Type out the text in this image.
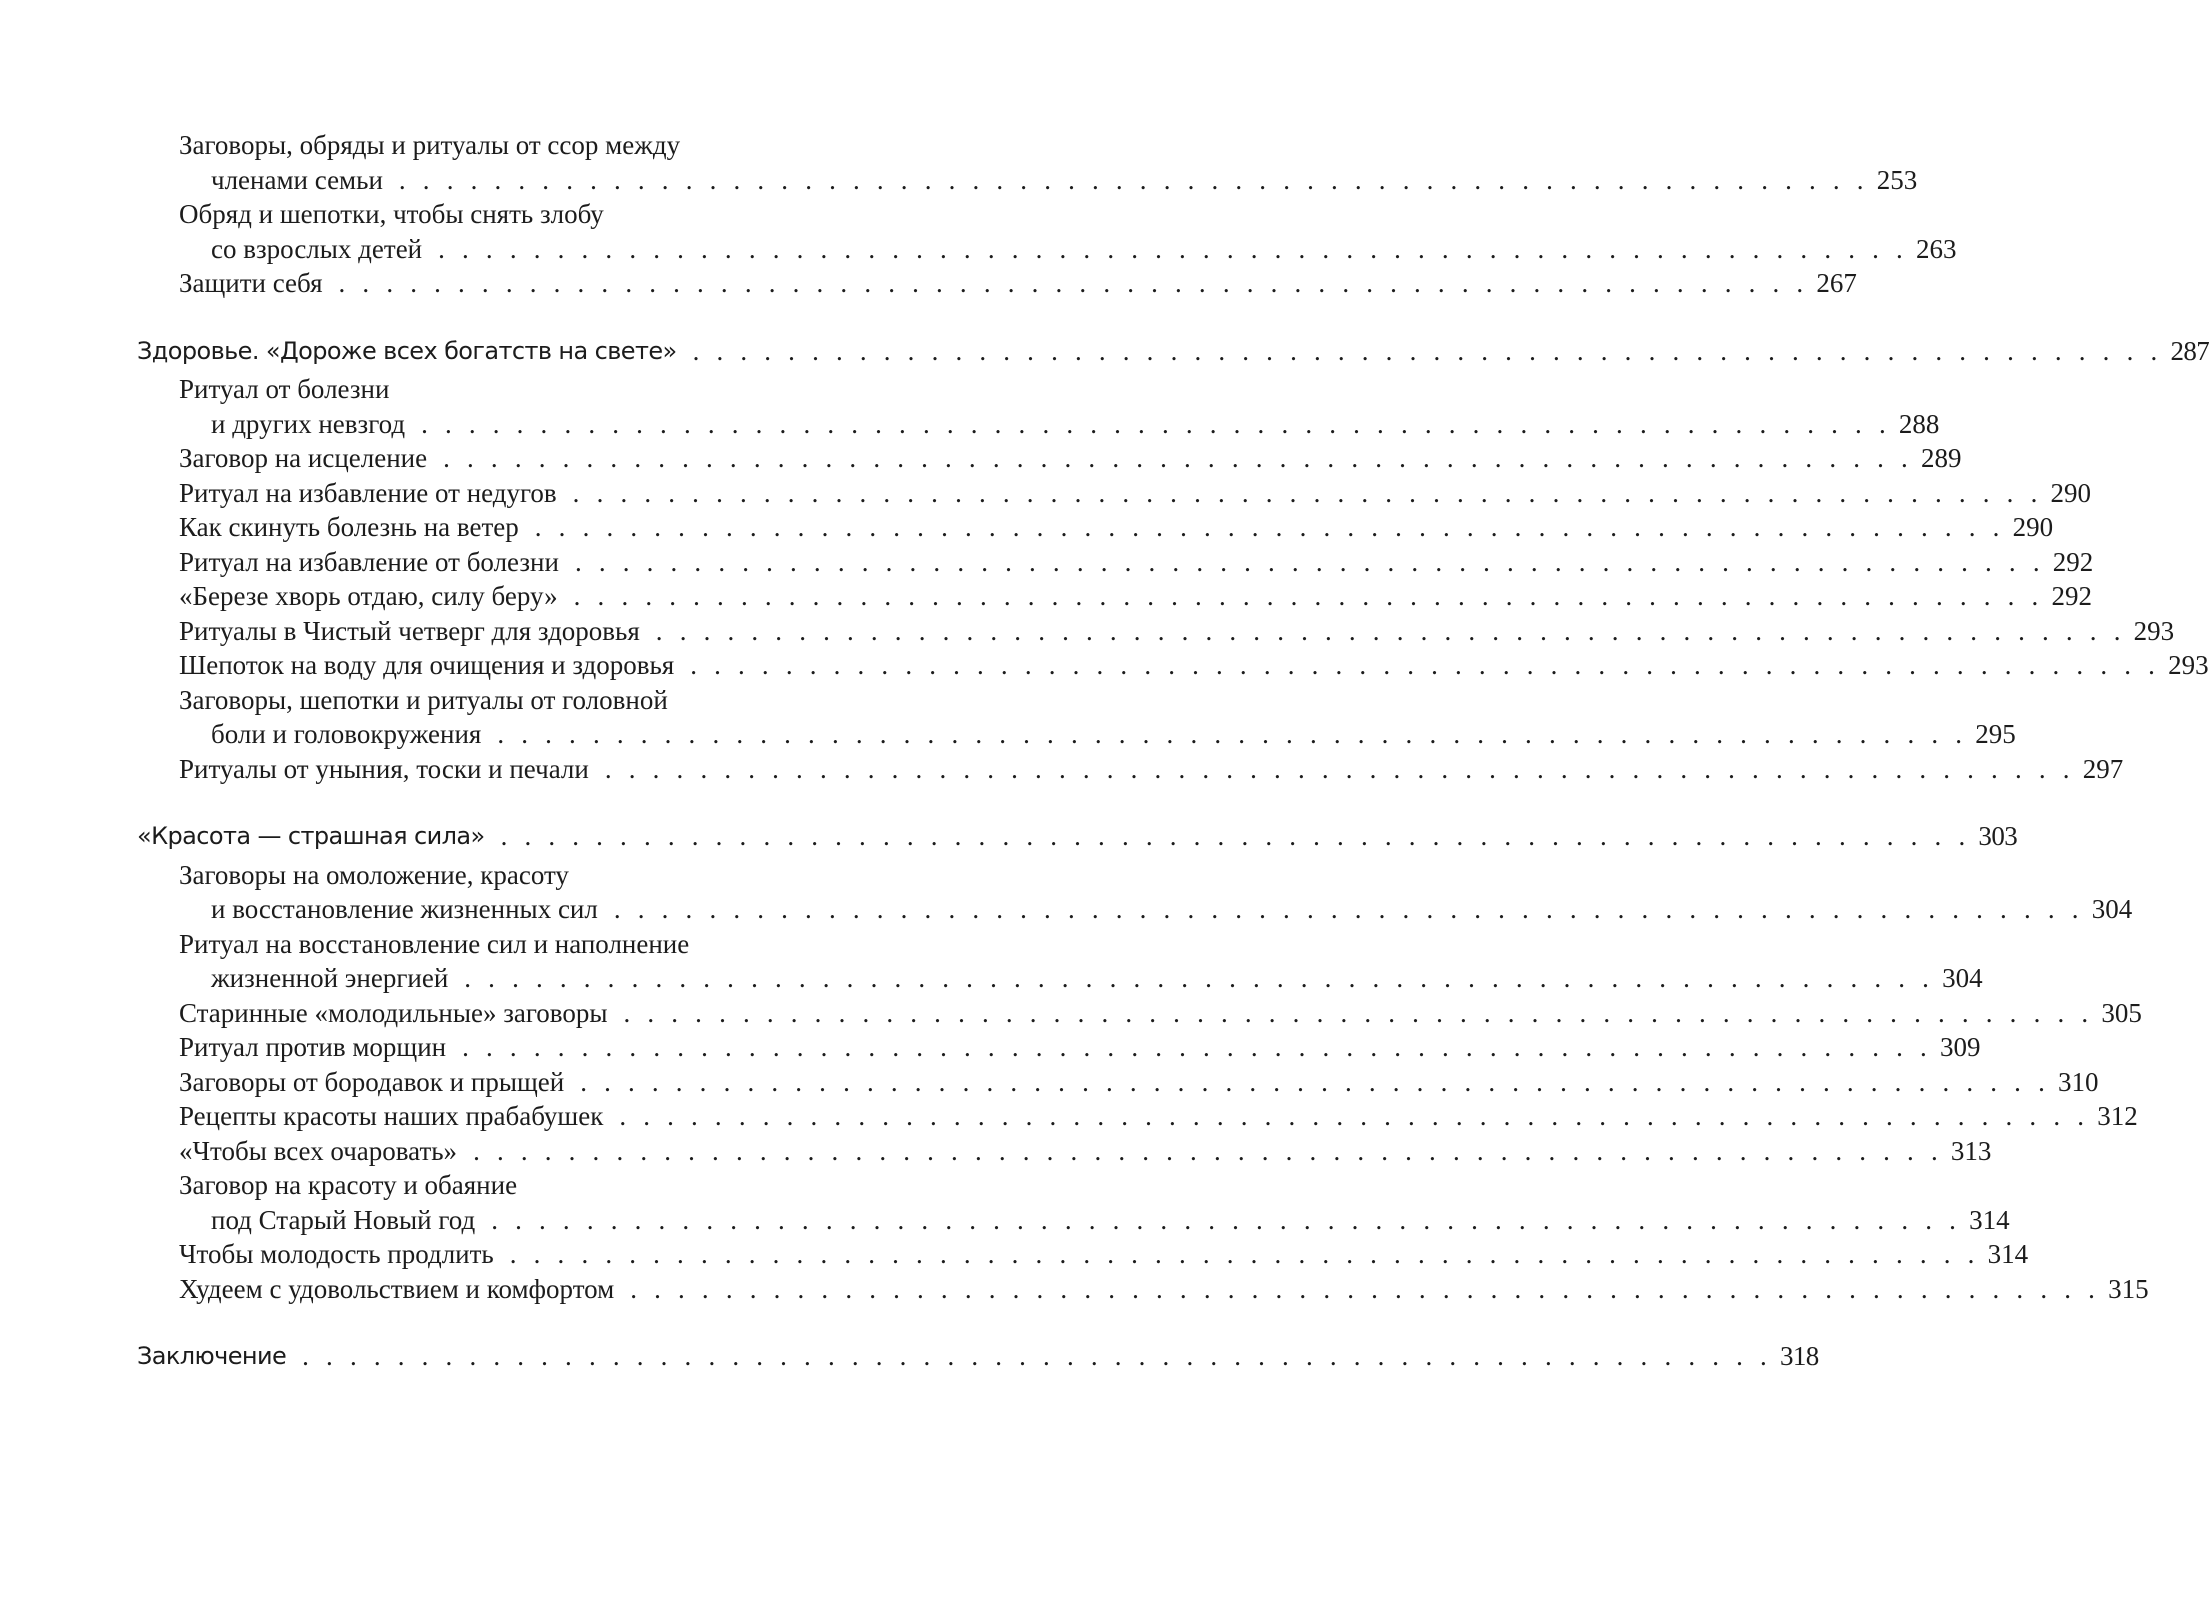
Заговоры, обряды и ритуалы от ссор между
членами семьи . . . . . . . . . . . . . . . . . . . . . . . . . . . . . . . . . . . . . . . . . . . . . . . . . . . . . . . . . . . . . . 253
Обряд и шепотки, чтобы снять злобу
со взрослых детей . . . . . . . . . . . . . . . . . . . . . . . . . . . . . . . . . . . . . . . . . . . . . . . . . . . . . . . . . . . . . . 263
Защити себя . . . . . . . . . . . . . . . . . . . . . . . . . . . . . . . . . . . . . . . . . . . . . . . . . . . . . . . . . . . . . . 267
Здоровье. «Дороже всех богатств на свете» . . . . . . . . . . . . . . . . . . . . . . . . . . . . . . . . . . . . . . . . . . . . . . . . . . . . . . . . . . . . . . 287
Ритуал от болезни
и других невзгод . . . . . . . . . . . . . . . . . . . . . . . . . . . . . . . . . . . . . . . . . . . . . . . . . . . . . . . . . . . . . . 288
Заговор на исцеление . . . . . . . . . . . . . . . . . . . . . . . . . . . . . . . . . . . . . . . . . . . . . . . . . . . . . . . . . . . . . . 289
Ритуал на избавление от недугов . . . . . . . . . . . . . . . . . . . . . . . . . . . . . . . . . . . . . . . . . . . . . . . . . . . . . . . . . . . . . . 290
Как скинуть болезнь на ветер . . . . . . . . . . . . . . . . . . . . . . . . . . . . . . . . . . . . . . . . . . . . . . . . . . . . . . . . . . . . . . 290
Ритуал на избавление от болезни . . . . . . . . . . . . . . . . . . . . . . . . . . . . . . . . . . . . . . . . . . . . . . . . . . . . . . . . . . . . . . 292
«Березе хворь отдаю, силу беру» . . . . . . . . . . . . . . . . . . . . . . . . . . . . . . . . . . . . . . . . . . . . . . . . . . . . . . . . . . . . . . 292
Ритуалы в Чистый четверг для здоровья . . . . . . . . . . . . . . . . . . . . . . . . . . . . . . . . . . . . . . . . . . . . . . . . . . . . . . . . . . . . . . 293
Шепоток на воду для очищения и здоровья . . . . . . . . . . . . . . . . . . . . . . . . . . . . . . . . . . . . . . . . . . . . . . . . . . . . . . . . . . . . . . 293
Заговоры, шепотки и ритуалы от головной
боли и головокружения . . . . . . . . . . . . . . . . . . . . . . . . . . . . . . . . . . . . . . . . . . . . . . . . . . . . . . . . . . . . . . 295
Ритуалы от уныния, тоски и печали . . . . . . . . . . . . . . . . . . . . . . . . . . . . . . . . . . . . . . . . . . . . . . . . . . . . . . . . . . . . . . 297
«Красота — страшная сила» . . . . . . . . . . . . . . . . . . . . . . . . . . . . . . . . . . . . . . . . . . . . . . . . . . . . . . . . . . . . . . 303
Заговоры на омоложение, красоту
и восстановление жизненных сил . . . . . . . . . . . . . . . . . . . . . . . . . . . . . . . . . . . . . . . . . . . . . . . . . . . . . . . . . . . . . . 304
Ритуал на восстановление сил и наполнение
жизненной энергией . . . . . . . . . . . . . . . . . . . . . . . . . . . . . . . . . . . . . . . . . . . . . . . . . . . . . . . . . . . . . . 304
Старинные «молодильные» заговоры . . . . . . . . . . . . . . . . . . . . . . . . . . . . . . . . . . . . . . . . . . . . . . . . . . . . . . . . . . . . . . 305
Ритуал против морщин . . . . . . . . . . . . . . . . . . . . . . . . . . . . . . . . . . . . . . . . . . . . . . . . . . . . . . . . . . . . . . 309
Заговоры от бородавок и прыщей . . . . . . . . . . . . . . . . . . . . . . . . . . . . . . . . . . . . . . . . . . . . . . . . . . . . . . . . . . . . . . 310
Рецепты красоты наших прабабушек . . . . . . . . . . . . . . . . . . . . . . . . . . . . . . . . . . . . . . . . . . . . . . . . . . . . . . . . . . . . . . 312
«Чтобы всех очаровать» . . . . . . . . . . . . . . . . . . . . . . . . . . . . . . . . . . . . . . . . . . . . . . . . . . . . . . . . . . . . . . 313
Заговор на красоту и обаяние
под Старый Новый год . . . . . . . . . . . . . . . . . . . . . . . . . . . . . . . . . . . . . . . . . . . . . . . . . . . . . . . . . . . . . . 314
Чтобы молодость продлить . . . . . . . . . . . . . . . . . . . . . . . . . . . . . . . . . . . . . . . . . . . . . . . . . . . . . . . . . . . . . . 314
Худеем с удовольствием и комфортом . . . . . . . . . . . . . . . . . . . . . . . . . . . . . . . . . . . . . . . . . . . . . . . . . . . . . . . . . . . . . . 315
Заключение . . . . . . . . . . . . . . . . . . . . . . . . . . . . . . . . . . . . . . . . . . . . . . . . . . . . . . . . . . . . . . 318
